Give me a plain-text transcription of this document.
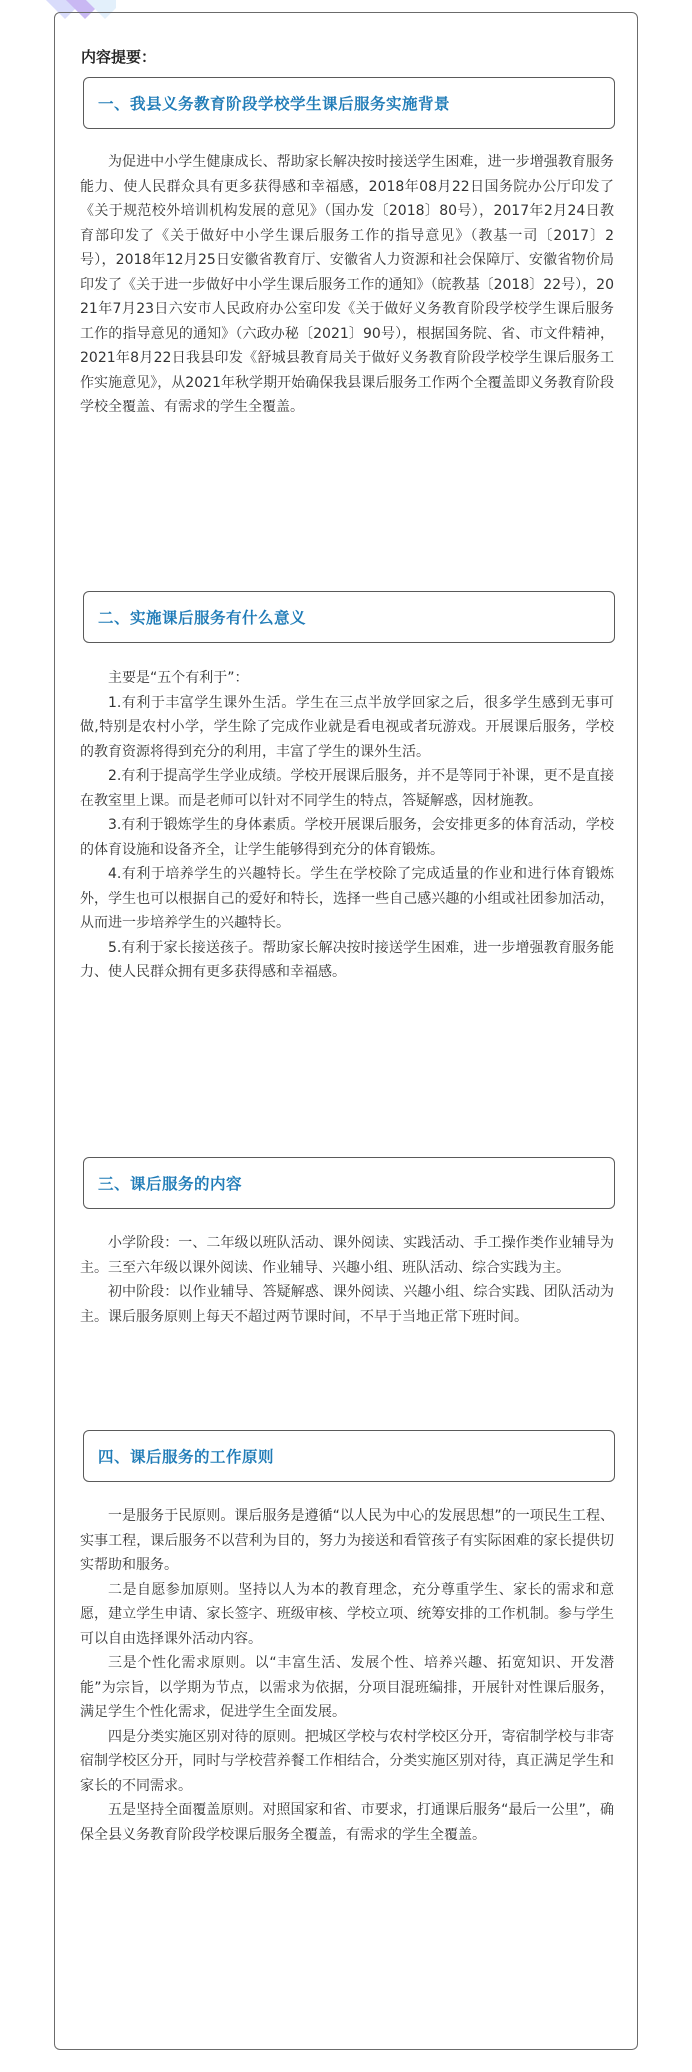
内容提要：
一、我县义务教育阶段学校学生课后服务实施背景

为促进中小学生健康成长、帮助家长解决按时接送学生困难，进一步增强教育服务能力、使人民群众具有更多获得感和幸福感，2018年08月22日国务院办公厅印发了《关于规范校外培训机构发展的意见》（国办发〔2018〕80号），2017年2月24日教育部印发了《关于做好中小学生课后服务工作的指导意见》（教基一司〔2017〕2号），2018年12月25日安徽省教育厅、安徽省人力资源和社会保障厅、安徽省物价局印发了《关于进一步做好中小学生课后服务工作的通知》（皖教基〔2018〕22号），2021年7月23日六安市人民政府办公室印发《关于做好义务教育阶段学校学生课后服务工作的指导意见的通知》（六政办秘〔2021〕90号），根据国务院、省、市文件精神，2021年8月22日我县印发《舒城县教育局关于做好义务教育阶段学校学生课后服务工作实施意见》，从2021年秋学期开始确保我县课后服务工作两个全覆盖即义务教育阶段学校全覆盖、有需求的学生全覆盖。

二、实施课后服务有什么意义

主要是“五个有利于”：

1.有利于丰富学生课外生活。学生在三点半放学回家之后，很多学生感到无事可做,特别是农村小学，学生除了完成作业就是看电视或者玩游戏。开展课后服务，学校的教育资源将得到充分的利用，丰富了学生的课外生活。

2.有利于提高学生学业成绩。学校开展课后服务，并不是等同于补课，更不是直接在教室里上课。而是老师可以针对不同学生的特点，答疑解惑，因材施教。

3.有利于锻炼学生的身体素质。学校开展课后服务，会安排更多的体育活动，学校的体育设施和设备齐全，让学生能够得到充分的体育锻炼。

4.有利于培养学生的兴趣特长。学生在学校除了完成适量的作业和进行体育锻炼外，学生也可以根据自己的爱好和特长，选择一些自己感兴趣的小组或社团参加活动，从而进一步培养学生的兴趣特长。

5.有利于家长接送孩子。帮助家长解决按时接送学生困难，进一步增强教育服务能力、使人民群众拥有更多获得感和幸福感。

三、课后服务的内容

小学阶段：一、二年级以班队活动、课外阅读、实践活动、手工操作类作业辅导为主。三至六年级以课外阅读、作业辅导、兴趣小组、班队活动、综合实践为主。

初中阶段：以作业辅导、答疑解惑、课外阅读、兴趣小组、综合实践、团队活动为主。课后服务原则上每天不超过两节课时间，不早于当地正常下班时间。

四、课后服务的工作原则

一是服务于民原则。课后服务是遵循“以人民为中心的发展思想”的一项民生工程、实事工程，课后服务不以营利为目的，努力为接送和看管孩子有实际困难的家长提供切实帮助和服务。

二是自愿参加原则。坚持以人为本的教育理念，充分尊重学生、家长的需求和意愿，建立学生申请、家长签字、班级审核、学校立项、统筹安排的工作机制。参与学生可以自由选择课外活动内容。

三是个性化需求原则。以“丰富生活、发展个性、培养兴趣、拓宽知识、开发潜能”为宗旨，以学期为节点，以需求为依据，分项目混班编排，开展针对性课后服务，满足学生个性化需求，促进学生全面发展。

四是分类实施区别对待的原则。把城区学校与农村学校区分开，寄宿制学校与非寄宿制学校区分开，同时与学校营养餐工作相结合，分类实施区别对待，真正满足学生和家长的不同需求。

五是坚持全面覆盖原则。对照国家和省、市要求，打通课后服务“最后一公里”，确保全县义务教育阶段学校课后服务全覆盖，有需求的学生全覆盖。
